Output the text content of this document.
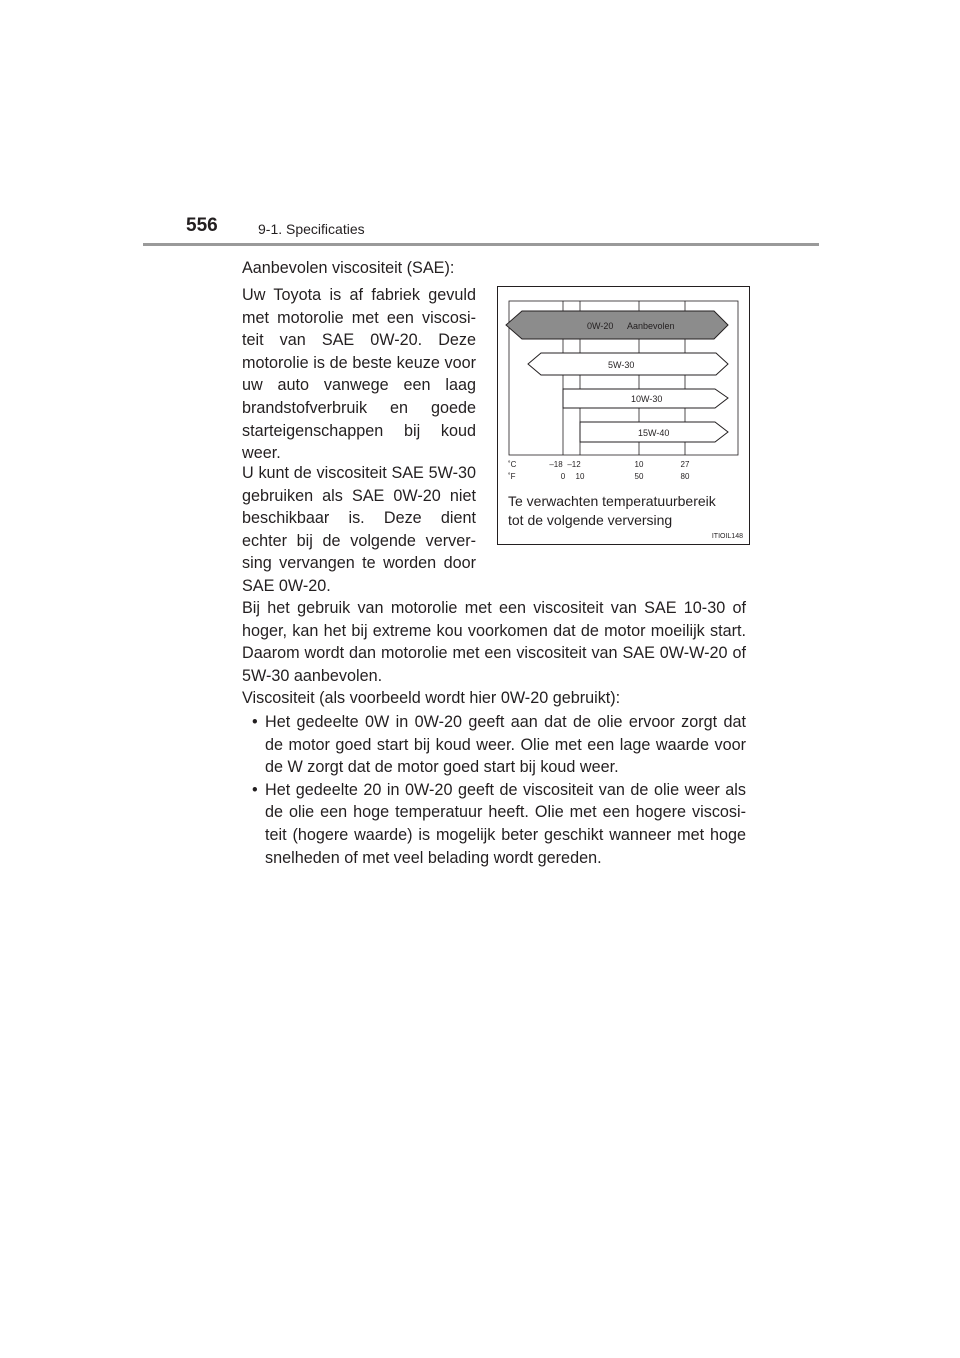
556	9-1. Specificaties

Aanbevolen viscositeit (SAE):

Uw Toyota is af fabriek gevuld met motorolie met een viscosi-teit van SAE 0W-20. Deze motorolie is de beste keuze voor uw auto vanwege een laag brandstofverbruik en goede starteigenschappen bij koud weer.

U kunt de viscositeit SAE 5W-30 gebruiken als SAE 0W-20 niet beschikbaar is. Deze dient echter bij de volgende verver-sing vervangen te worden door SAE 0W-20.

Bij het gebruik van motorolie met een viscositeit van SAE 10-30 of hoger, kan het bij extreme kou voorkomen dat de motor moeilijk start. Daarom wordt dan motorolie met een viscositeit van SAE 0W-W-20 of 5W-30 aanbevolen.

Viscositeit (als voorbeeld wordt hier 0W-20 gebruikt):

• Het gedeelte 0W in 0W-20 geeft aan dat de olie ervoor zorgt dat de motor goed start bij koud weer. Olie met een lage waarde voor de W zorgt dat de motor goed start bij koud weer.
• Het gedeelte 20 in 0W-20 geeft de viscositeit van de olie weer als de olie een hoge temperatuur heeft. Olie met een hogere viscosi-teit (hogere waarde) is mogelijk beter geschikt wanneer met hoge snelheden of met veel belading wordt gereden.
0W-20 Aanbevolen
5W-30
10W-30
15W-40
˚C
˚F
–18 –12	10	27
0 10	50	80
Te verwachten temperatuurbereik
tot de volgende verversing
ITIOIL148
